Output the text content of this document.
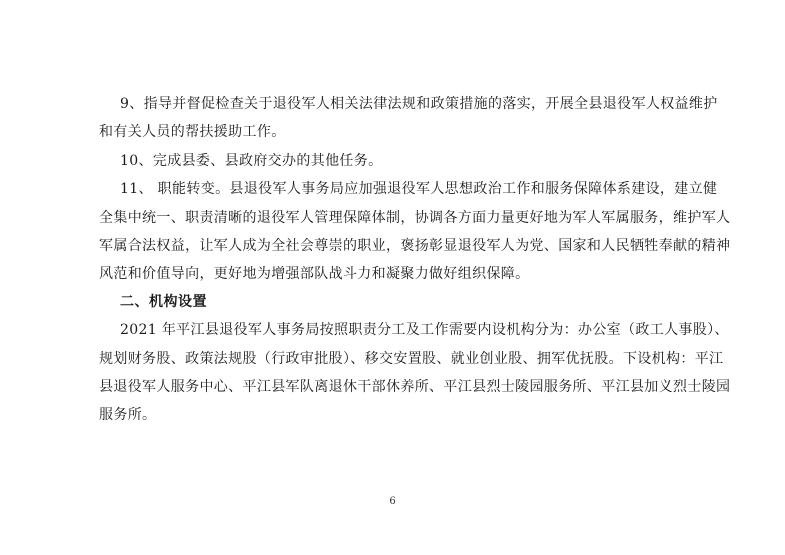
9、指导并督促检查关于退役军人相关法律法规和政策措施的落实，开展全县退役军人权益维护
和有关人员的帮扶援助工作。
10、完成县委、县政府交办的其他任务。
11、 职能转变。县退役军人事务局应加强退役军人思想政治工作和服务保障体系建设，建立健
全集中统一、职责清晰的退役军人管理保障体制，协调各方面力量更好地为军人军属服务，维护军人
军属合法权益，让军人成为全社会尊崇的职业，褒扬彰显退役军人为党、国家和人民牺牲奉献的精神
风范和价值导向，更好地为增强部队战斗力和凝聚力做好组织保障。
二、机构设置
2021 年平江县退役军人事务局按照职责分工及工作需要内设机构分为：办公室（政工人事股）、
规划财务股、政策法规股（行政审批股）、移交安置股、就业创业股、拥军优抚股。下设机构：平江
县退役军人服务中心、平江县军队离退休干部休养所、平江县烈士陵园服务所、平江县加义烈士陵园
服务所。
6
